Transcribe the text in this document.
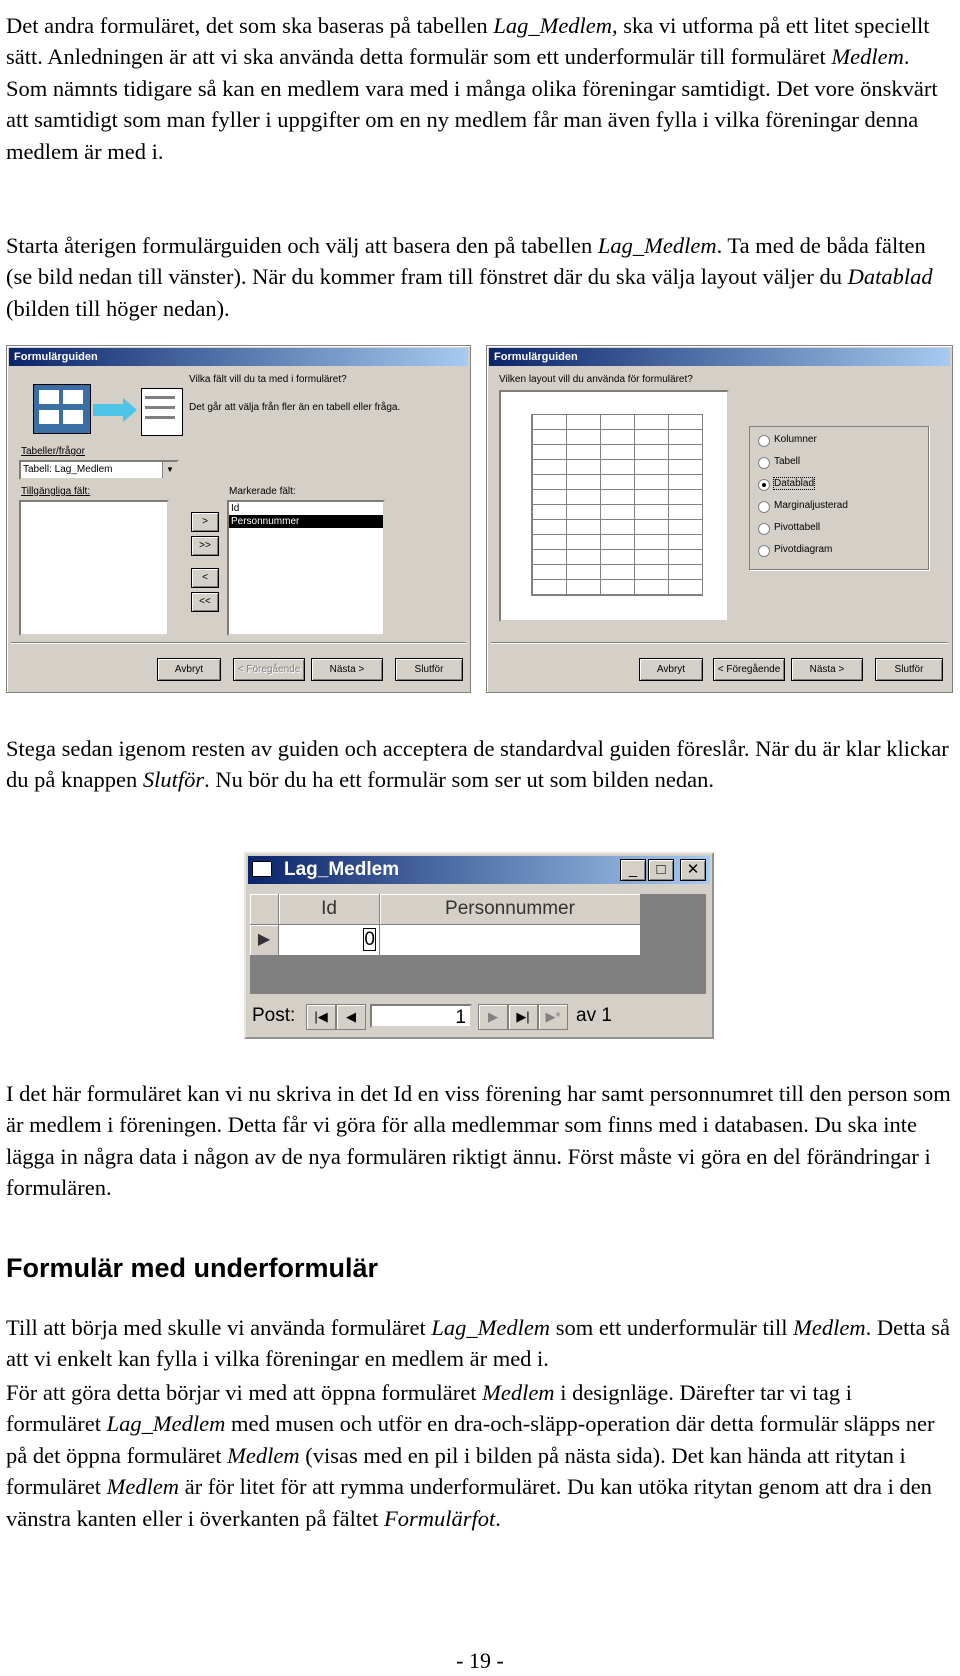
Det andra formuläret, det som ska baseras på tabellen Lag_Medlem, ska vi utforma på ett litet speciellt sätt. Anledningen är att vi ska använda detta formulär som ett underformulär till formuläret Medlem. Som nämnts tidigare så kan en medlem vara med i många olika föreningar samtidigt. Det vore önskvärt att samtidigt som man fyller i uppgifter om en ny medlem får man även fylla i vilka föreningar denna medlem är med i.

Starta återigen formulärguiden och välj att basera den på tabellen Lag_Medlem. Ta med de båda fälten (se bild nedan till vänster). När du kommer fram till fönstret där du ska välja layout väljer du Datablad (bilden till höger nedan).

Formulärguiden
Vilka fält vill du ta med i formuläret?
Det går att välja från fler än en tabell eller fråga.
Tabeller/frågor
Tabell: Lag_Medlem	▼
Tillgängliga fält:	Markerade fält:
Id
Personnummer
>
>>
<
<<
Avbryt	< Föregående	Nästa >	Slutför
Formulärguiden
Vilken layout vill du använda för formuläret?
Kolumner
Tabell
Datablad
Marginaljusterad
Pivottabell
Pivotdiagram
Avbryt	< Föregående	Nästa >	Slutför

Stega sedan igenom resten av guiden och acceptera de standardval guiden föreslår. När du är klar klickar du på knappen Slutför. Nu bör du ha ett formulär som ser ut som bilden nedan.

Lag_Medlem	_	□	✕
Id	Personnummer
▶	0
Post:	|◀	◀	1	▶	▶|	▶* av 1

I det här formuläret kan vi nu skriva in det Id en viss förening har samt personnumret till den person som är medlem i föreningen. Detta får vi göra för alla medlemmar som finns med i databasen. Du ska inte lägga in några data i någon av de nya formulären riktigt ännu. Först måste vi göra en del förändringar i formulären.

Formulär med underformulär

Till att börja med skulle vi använda formuläret Lag_Medlem som ett underformulär till Medlem. Detta så att vi enkelt kan fylla i vilka föreningar en medlem är med i.

För att göra detta börjar vi med att öppna formuläret Medlem i designläge. Därefter tar vi tag i formuläret Lag_Medlem med musen och utför en dra-och-släpp-operation där detta formulär släpps ner på det öppna formuläret Medlem (visas med en pil i bilden på nästa sida). Det kan hända att ritytan i formuläret Medlem är för litet för att rymma underformuläret. Du kan utöka ritytan genom att dra i den vänstra kanten eller i överkanten på fältet Formulärfot.

- 19 -
